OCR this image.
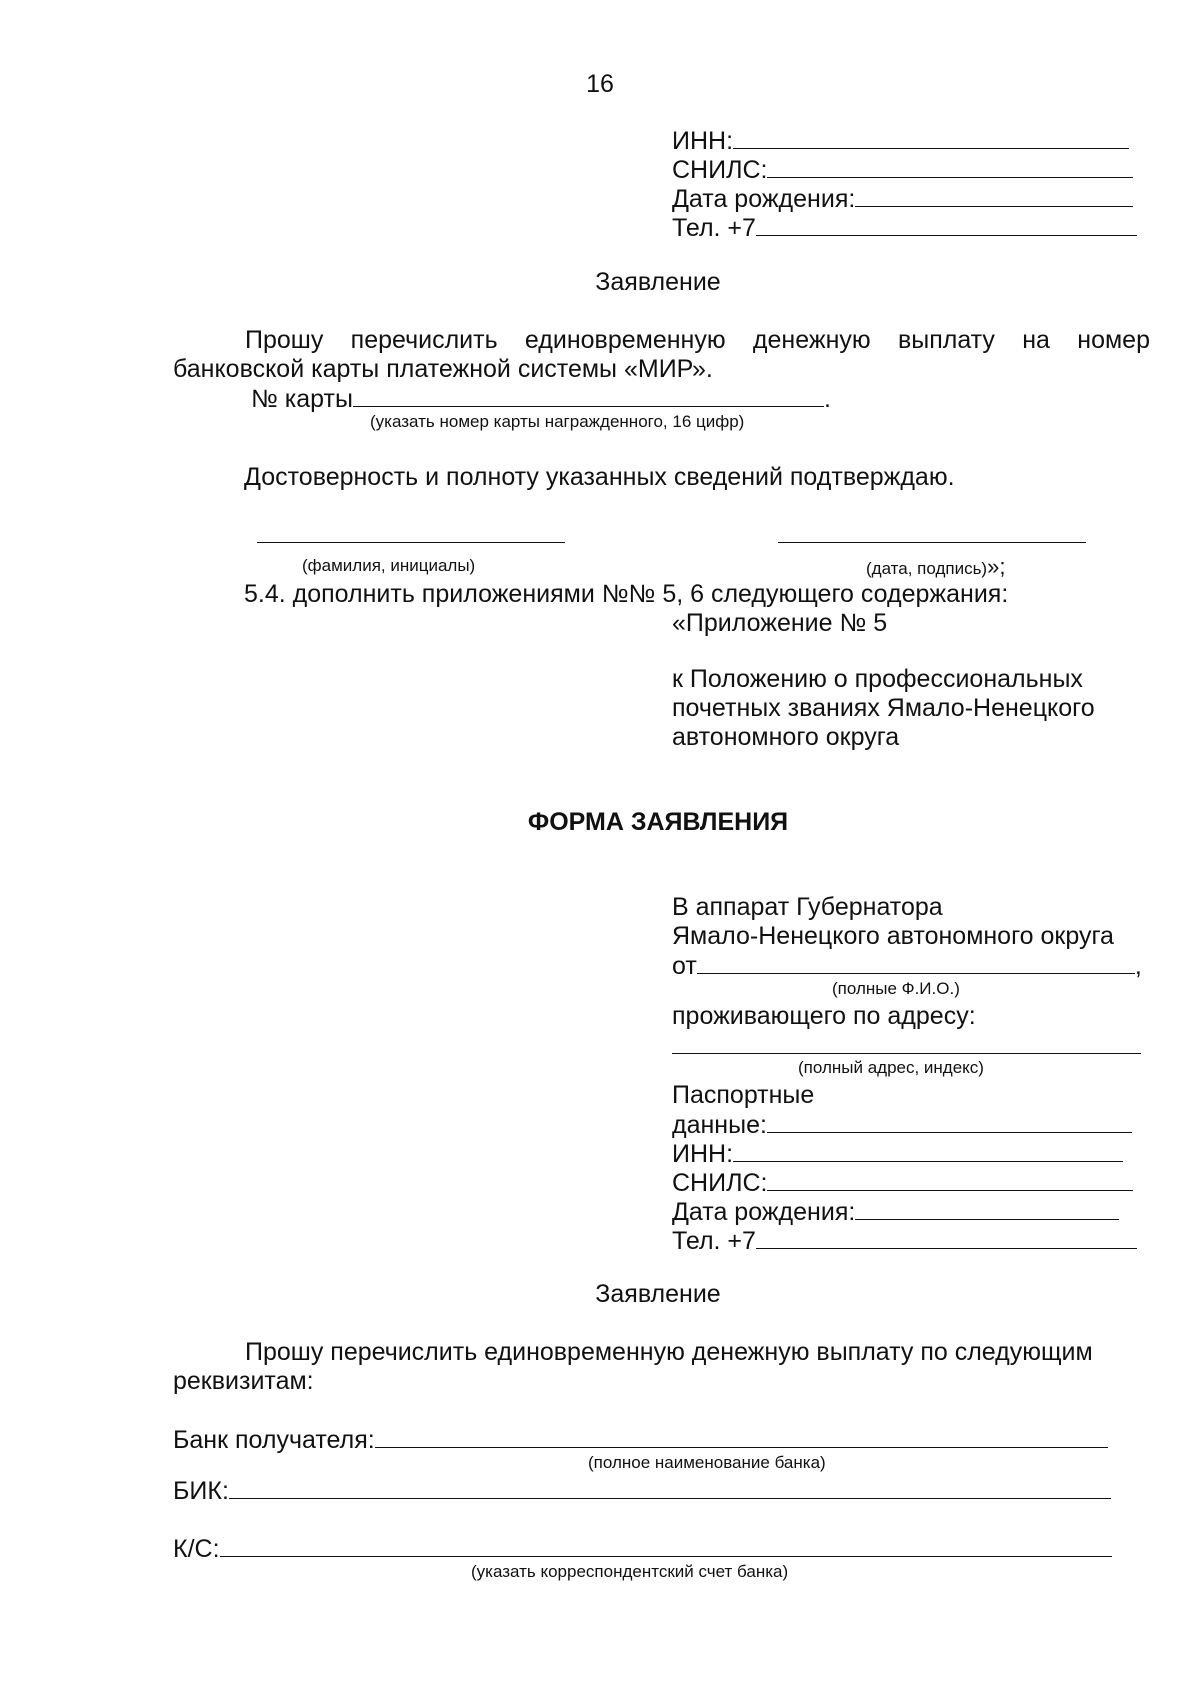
16
ИНН:
СНИЛС:
Дата рождения:
Тел. +7
Заявление
Прошу перечислить единовременную денежную выплату на номер банковской карты платежной системы «МИР».
№ карты	.
(указать номер карты награжденного, 16 цифр)
Достоверность и полноту указанных сведений подтверждаю.
(фамилия, инициалы)	(дата, подпись)»;
5.4. дополнить приложениями №№ 5, 6 следующего содержания:
«Приложение № 5
к Положению о профессиональных
почетных званиях Ямало-Ненецкого
автономного округа
ФОРМА ЗАЯВЛЕНИЯ
В аппарат Губернатора
Ямало-Ненецкого автономного округа
от	,
(полные Ф.И.О.)
проживающего по адресу:
(полный адрес, индекс)
Паспортные
данные:
ИНН:
СНИЛС:
Дата рождения:
Тел. +7
Заявление
Прошу перечислить единовременную денежную выплату по следующим реквизитам:
Банк получателя:
(полное наименование банка)
БИК:
К/С:
(указать корреспондентский счет банка)
